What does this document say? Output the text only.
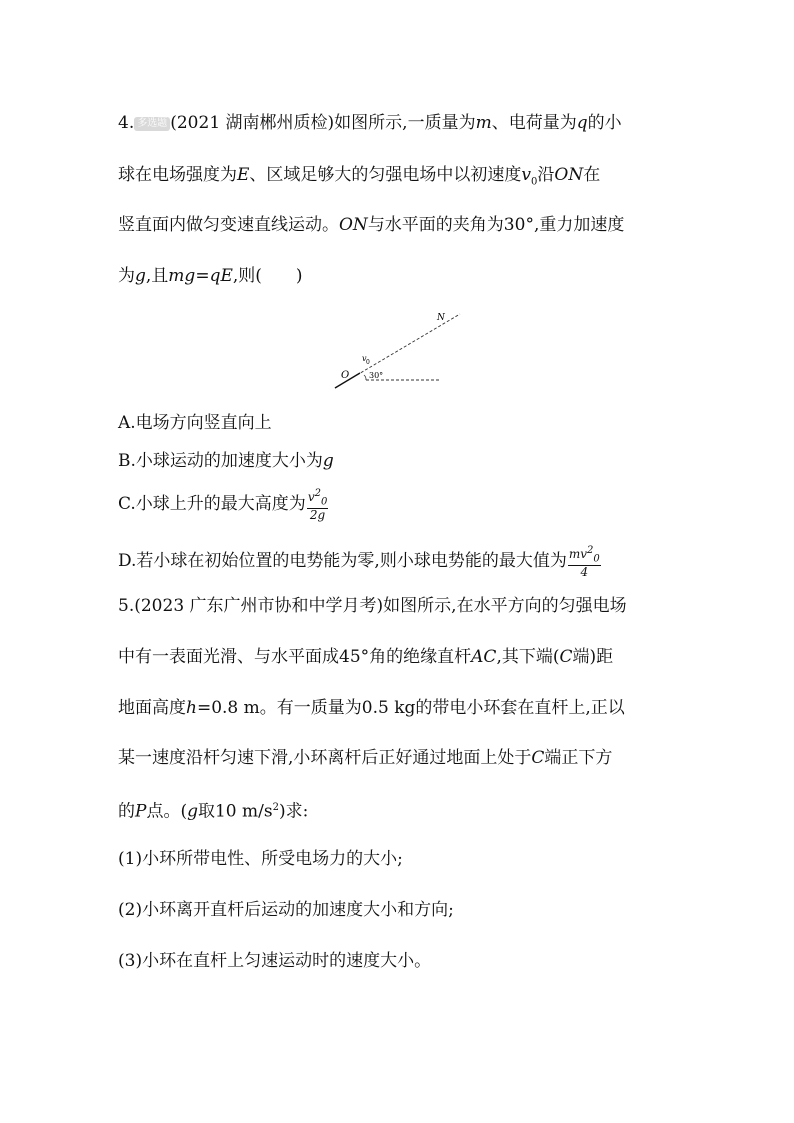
4. 多选题 (2021 湖南郴州质检)如图所示,一质量为m、电荷量为q的小
球在电场强度为E、区域足够大的匀强电场中以初速度$v_0$沿ON在
竖直面内做匀变速直线运动。ON与水平面的夹角为30°,重力加速度
为g,且mg=qE,则(　　)
N
O
v 0
30°
A.电场方向竖直向上
B.小球运动的加速度大小为g
C.小球上升的最大高度为 $\frac{v^2_0}{2g}$
D.若小球在初始位置的电势能为零,则小球电势能的最大值为 $\frac{mv^2_0}{4}$
5.(2023 广东广州市协和中学月考)如图所示,在水平方向的匀强电场
中有一表面光滑、与水平面成45°角的绝缘直杆AC,其下端(C端)距
地面高度h=0.8 m。有一质量为0.5 kg的带电小环套在直杆上,正以
某一速度沿杆匀速下滑,小环离杆后正好通过地面上处于C端正下方
的P点。(g取10 $m/s^2$)求:
(1)小环所带电性、所受电场力的大小;
(2)小环离开直杆后运动的加速度大小和方向;
(3)小环在直杆上匀速运动时的速度大小。
